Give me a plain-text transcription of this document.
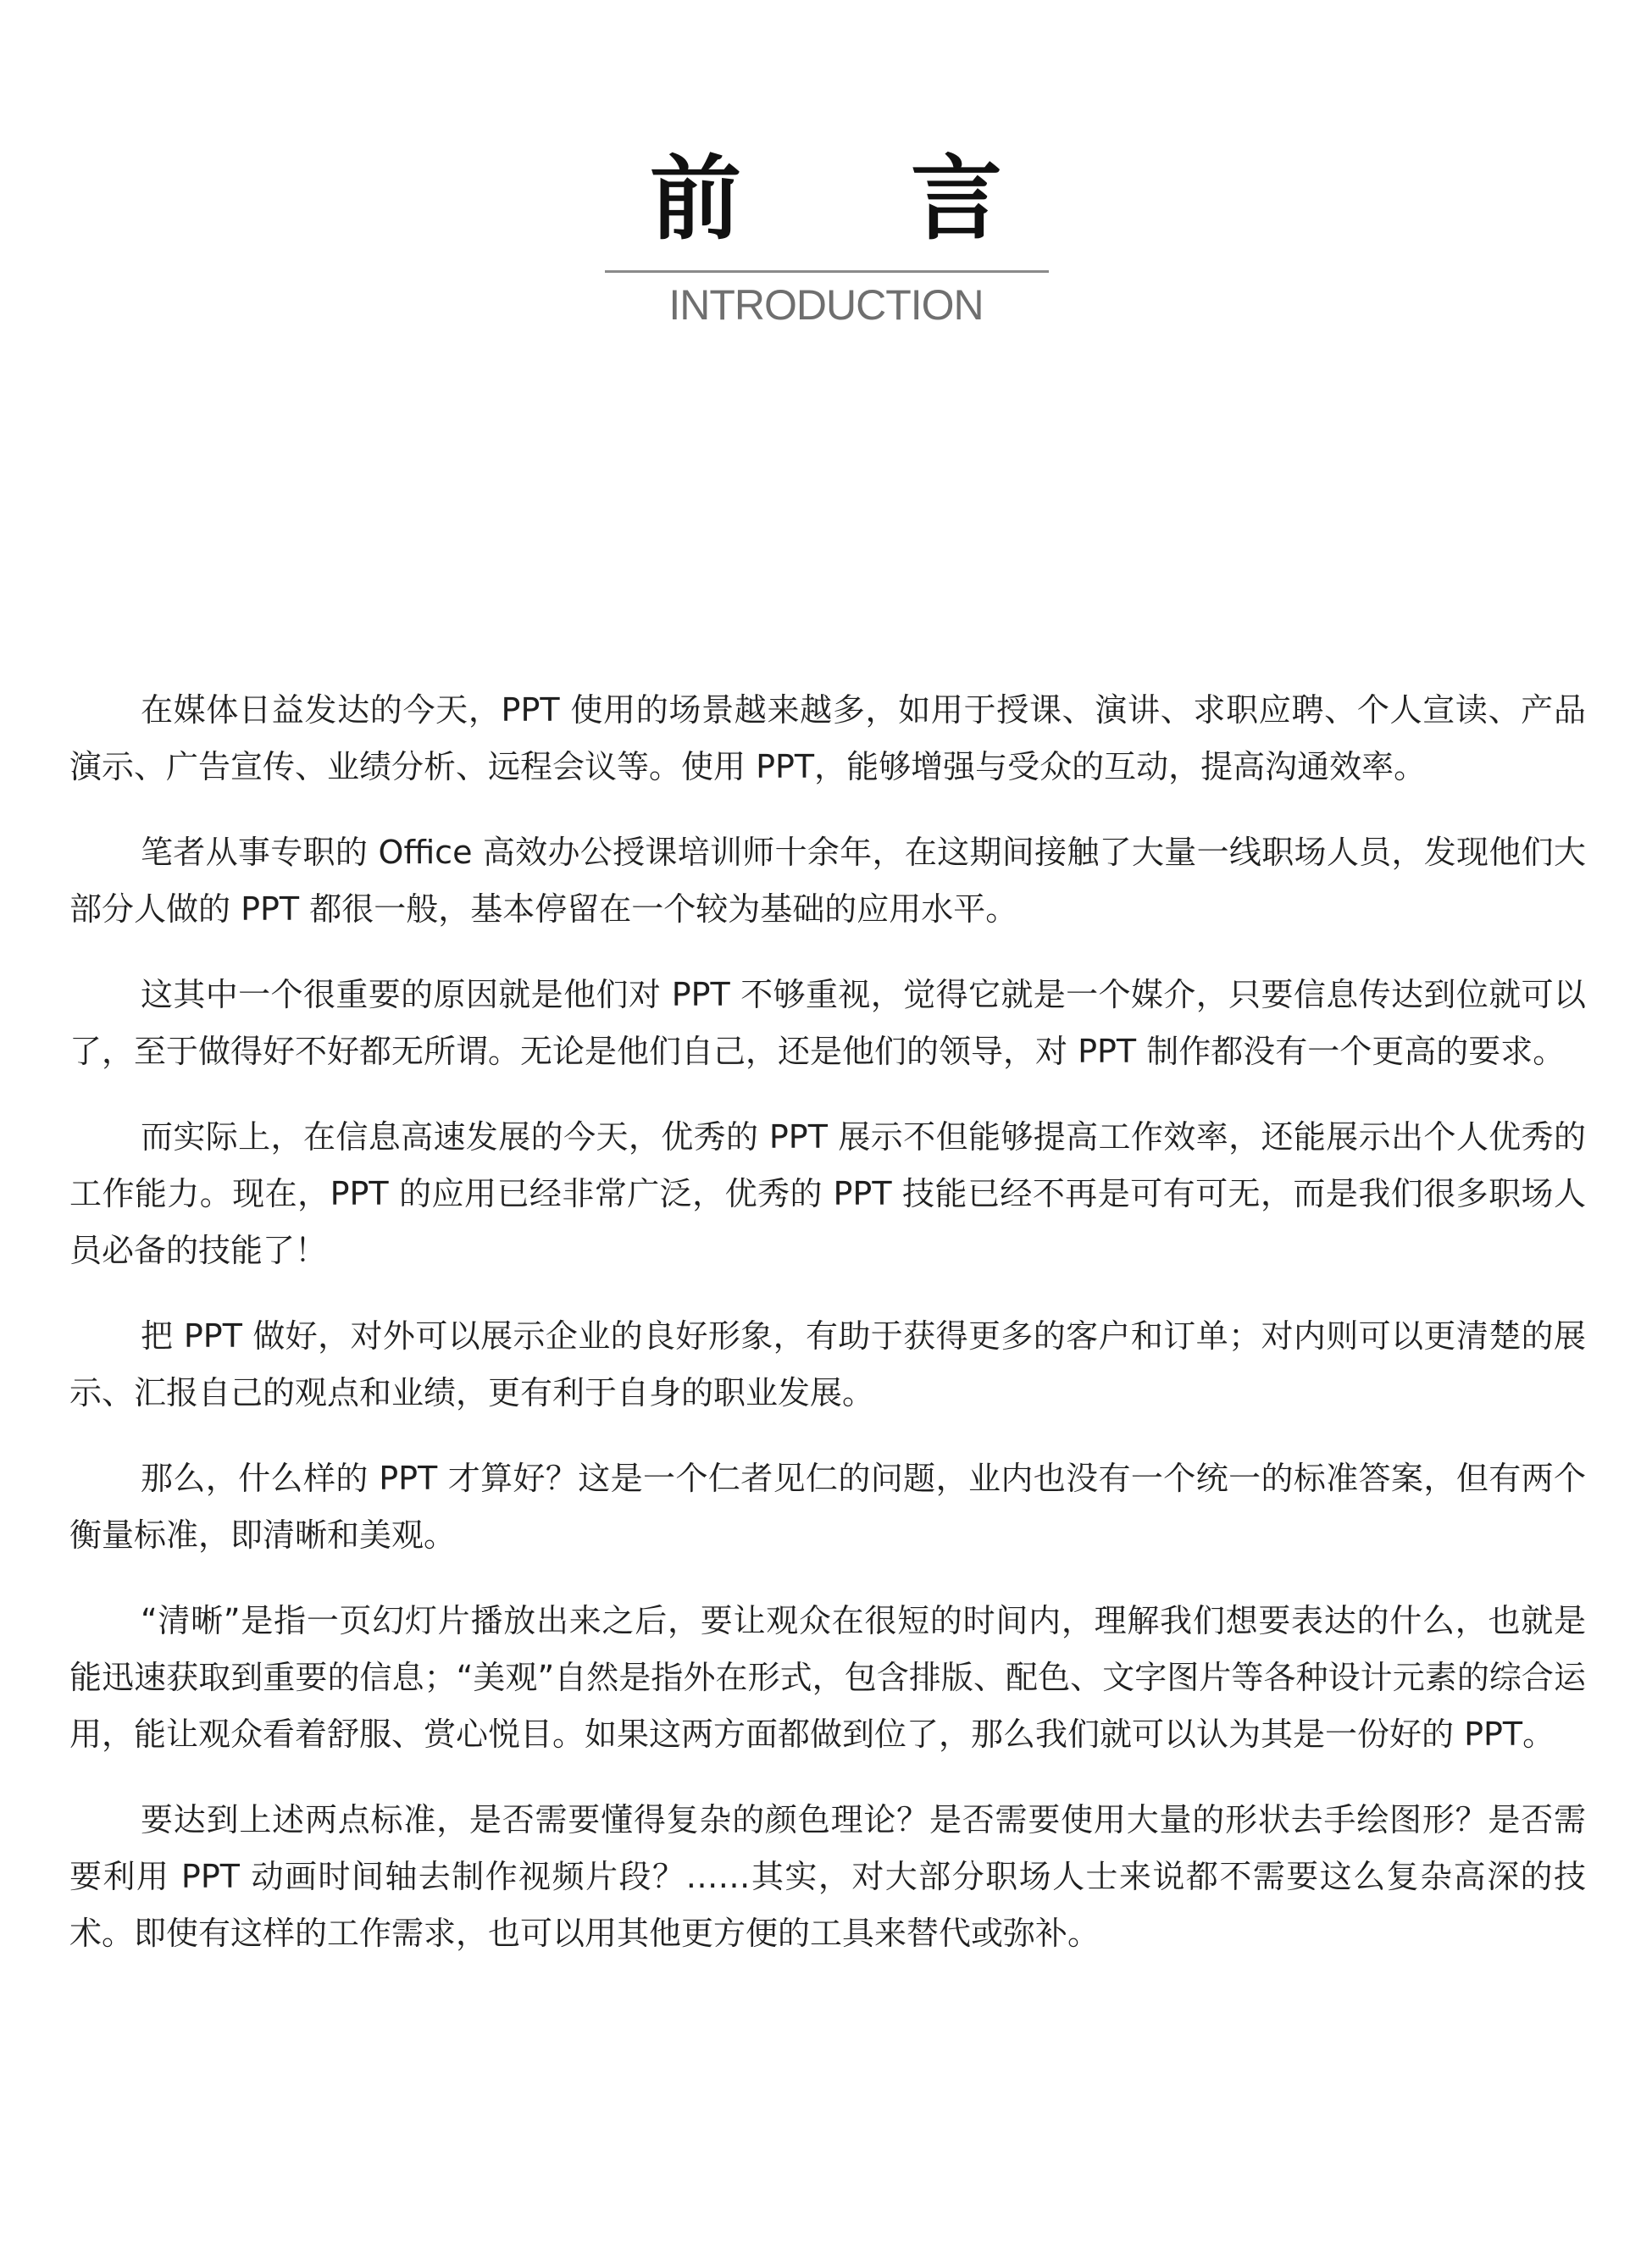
前言
INTRODUCTION

在媒体日益发达的今天，PPT 使用的场景越来越多，如用于授课、演讲、求职应聘、个人宣读、产品演示、广告宣传、业绩分析、远程会议等。使用 PPT，能够增强与受众的互动，提高沟通效率。

笔者从事专职的 Office 高效办公授课培训师十余年，在这期间接触了大量一线职场人员，发现他们大部分人做的 PPT 都很一般，基本停留在一个较为基础的应用水平。

这其中一个很重要的原因就是他们对 PPT 不够重视，觉得它就是一个媒介，只要信息传达到位就可以了，至于做得好不好都无所谓。无论是他们自己，还是他们的领导，对 PPT 制作都没有一个更高的要求。

而实际上，在信息高速发展的今天，优秀的 PPT 展示不但能够提高工作效率，还能展示出个人优秀的工作能力。现在，PPT 的应用已经非常广泛，优秀的 PPT 技能已经不再是可有可无，而是我们很多职场人员必备的技能了！

把 PPT 做好，对外可以展示企业的良好形象，有助于获得更多的客户和订单；对内则可以更清楚的展示、汇报自己的观点和业绩，更有利于自身的职业发展。

那么，什么样的 PPT 才算好？这是一个仁者见仁的问题，业内也没有一个统一的标准答案，但有两个衡量标准，即清晰和美观。

“清晰”是指一页幻灯片播放出来之后，要让观众在很短的时间内，理解我们想要表达的什么，也就是能迅速获取到重要的信息；“美观”自然是指外在形式，包含排版、配色、文字图片等各种设计元素的综合运用，能让观众看着舒服、赏心悦目。如果这两方面都做到位了，那么我们就可以认为其是一份好的 PPT。

要达到上述两点标准，是否需要懂得复杂的颜色理论？是否需要使用大量的形状去手绘图形？是否需要利用 PPT 动画时间轴去制作视频片段？……其实，对大部分职场人士来说都不需要这么复杂高深的技术。即使有这样的工作需求，也可以用其他更方便的工具来替代或弥补。
